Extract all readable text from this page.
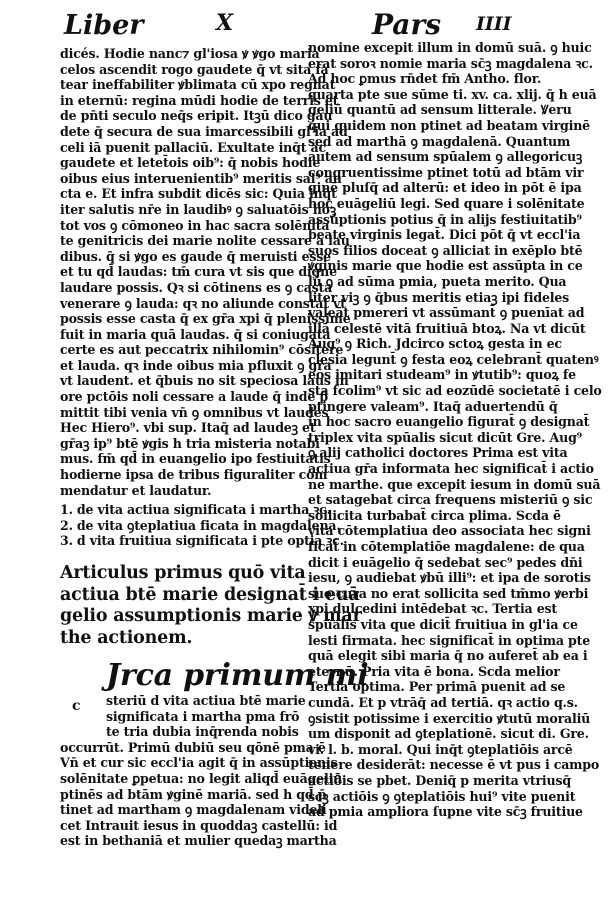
Liber	X	Pars IIII
dicés. Hodie nanc⁊ gl'iosa ꝟ ꝟgo maria
celos ascendit rogo gaudete q̄ vt sita fa
tear ineffabiliter ꝟblimata cū xpo regnat
in eternū: regina mūdi hodie de terris et
de pn̄ti seculo neq̄s eripit. Itꝫū dico gau
dete q̄ secura de sua imarcessibili gl'ia ad
celi iā puenit pallaciū. Exultate inq̄t ac
gaudete et letet̄ois oib⁹: q̄ nobis hodie
oibus eius interuenientib⁹ meritis sal⁹ au
cta e. Et infra subdit dicēs sic: Quia inq̄t
iter salutis nr̄e in laudibꝰ ꝯ saluatōis hoꝫ
tot vos ꝯ cōmoneo in hac sacra solēnita
te genitricis dei marie nolite cessare a lau
dibus. q̄ si ꝟgo es gaude q̄ meruisti esse
et tu qd̄ laudas: tm̄ cura vt sis que digne
laudare possis. Qꝛ si cōtinens es ꝯ casta
venerare ꝯ lauda: qꝛ no aliunde constat vt
possis esse casta q̄ ex gr̄a xpi q̄ plenissime
fuit in maria quā laudas. q̄ si coniugata
certe es aut peccatrix nihilomin⁹ cōsitere
et lauda. qꝛ inde oibus mia pfluxit ꝯ gr̄a
vt laudent. et q̄buis no sit speciosa laus in
ore pctōis noli cessare a laude q̄ inde p̄
mittit tibi venia vn̄ ꝯ omnibus vt laudes
Hec Hiero⁹. vbi sup. Itaq̄ ad laudeꝫ et
gr̄aꝫ ip⁹ btē ꝟgis h tria misteria notabi
mus. fm̄ qd̄ in euangelio ipo festiuitatis
hodierne ipsa de tribus figuraliter com
mendatur et laudatur.
1. de vita actiua significata i martha ꝛc.
2. de vita ꝯteplatiua ficata in magdalena.
3. d vita fruitiua significata i pte optia ꝛc.
Articulus primus quō vita
actiua btē marie designat̄ i euā
gelio assumptionis marie ꝟ mar
the actionem.
Jrca primum mi
c steriū d vita actiua btē marie
significata i martha pma frō
te tria dubia inq̄renda nobis
occurrūt. Primū dubiū seu qōnē pma ē
Vn̄ et cur sic eccl'ia agit q̄ in assūptienis
solēnitate ꝑpetua: no legit aliqd̄ euāgeliū
ptinēs ad btām ꝟginē mariā. sed h qd̄ p̄
tinet ad martham ꝯ magdalenam videli
cet Intrauit iesus in quoddaꝫ castellū: id
est in bethaniā et mulier quedaꝫ martha
nomine excepit illum in domū suā. ꝯ huic
erat soroꝛ nomie maria sc̄ꝫ magdalena ꝛc.
Ad hoc ꝑmus rn̄det fm̄ Antho. flor.
quarta pte sue sūme ti. xv. ca. xlij. q̄ h euā
geliū quantū ad sensum litterale. Ꝟeru
qui quidem non ptinet ad beatam virginē
sed ad marthā ꝯ magdalenā. Quantum
autem ad sensum spūalem ꝯ allegoricuꝫ
congruentissime ptinet totū ad btām vir
ginē pluſq̄ ad alterū: et ideo in pōt ē ipa
hoc euāgeliū legi. Sed quare i solēnitate
assūptionis potius q̄ in alijs festiuitatib⁹
beate virginis legat̄. Dici pōt q̄ vt eccl'ia
suos filios doceat ꝯ alliciat in exēplo btē
ꝟginis marie que hodie est assūpta in ce
lū ꝯ ad sūma pmia, pueta merito. Qua
liter viꝫ ꝯ q̄bus meritis etiaꝫ ipi fideles
valeāt pmereri vt assūmant̄ ꝯ puenīat ad
illā celestē vitā fruitiuā btoꝝ. Na vt dicūt
Aug⁹ ꝯ Rich. Jdcirco sctoꝝ gesta in ec
clesia legunt̄ ꝯ festa eoꝝ celebrant̄ quatenꝰ
eos imitari studeam⁹ in ꝟtutib⁹: quoꝝ fe
sta fcolim⁹ vt sic ad eozūdē societatē i celo
ptingere valeam⁹. Itaq̄ aduertendū q̄
in hoc sacro euangelio figurat̄ ꝯ designat̄
triplex vita spūalis sicut dicūt Gre. Aug⁹
ꝯ alij catholici doctores Prima est vita
actiua gr̄a informata hec significat̄ i actio
ne marthe. que excepit iesum in domū suā
et satagebat circa frequens misteriū ꝯ sic
sollicita turbabat̄ circa plima. Scda ē
vita cōtemplatiua deo associata hec signi
ficat̄ in cōtemplatiōe magdalene: de qua
dicit i euāgelio q̄ sedebat sec⁹ pedes dn̄i
iesu, ꝯ audiebat ꝟbū illi⁹: et ipa de sorotis
sue cura no erat sollicita sed tm̄mo ꝟerbi
xpi dulcedini intēdebat ꝛc. Tertia est
spūalis vita que dicit̄ fruitiua in gl'ia ce
lesti firmata. hec significat̄ in optima pte
quā elegit sibi maria q̄ no auferet̄ ab ea i
eternū. Pria vita ē bona. Scda melior
Tertia optima. Per primā puenit ad se
cundā. Et p vtrāq̄ ad tertiā. qꝛ actio q.s.
ꝯsistit potissime i exercitio ꝟtutū moraliū
um disponit ad ꝯteplationē. sicut di. Gre.
vi. l. b. moral. Qui inq̄t ꝯteplatiōis arcē
tenere desiderāt: necesse ē vt pus i campo
actiōis se pbet. Deniq̄ p merita vtriusq̄
scꝫ actiōis ꝯ ꝯteplatiōis hui⁹ vite puenit
ad pmia ampliora ſupne vite sc̄ꝫ fruitiue
